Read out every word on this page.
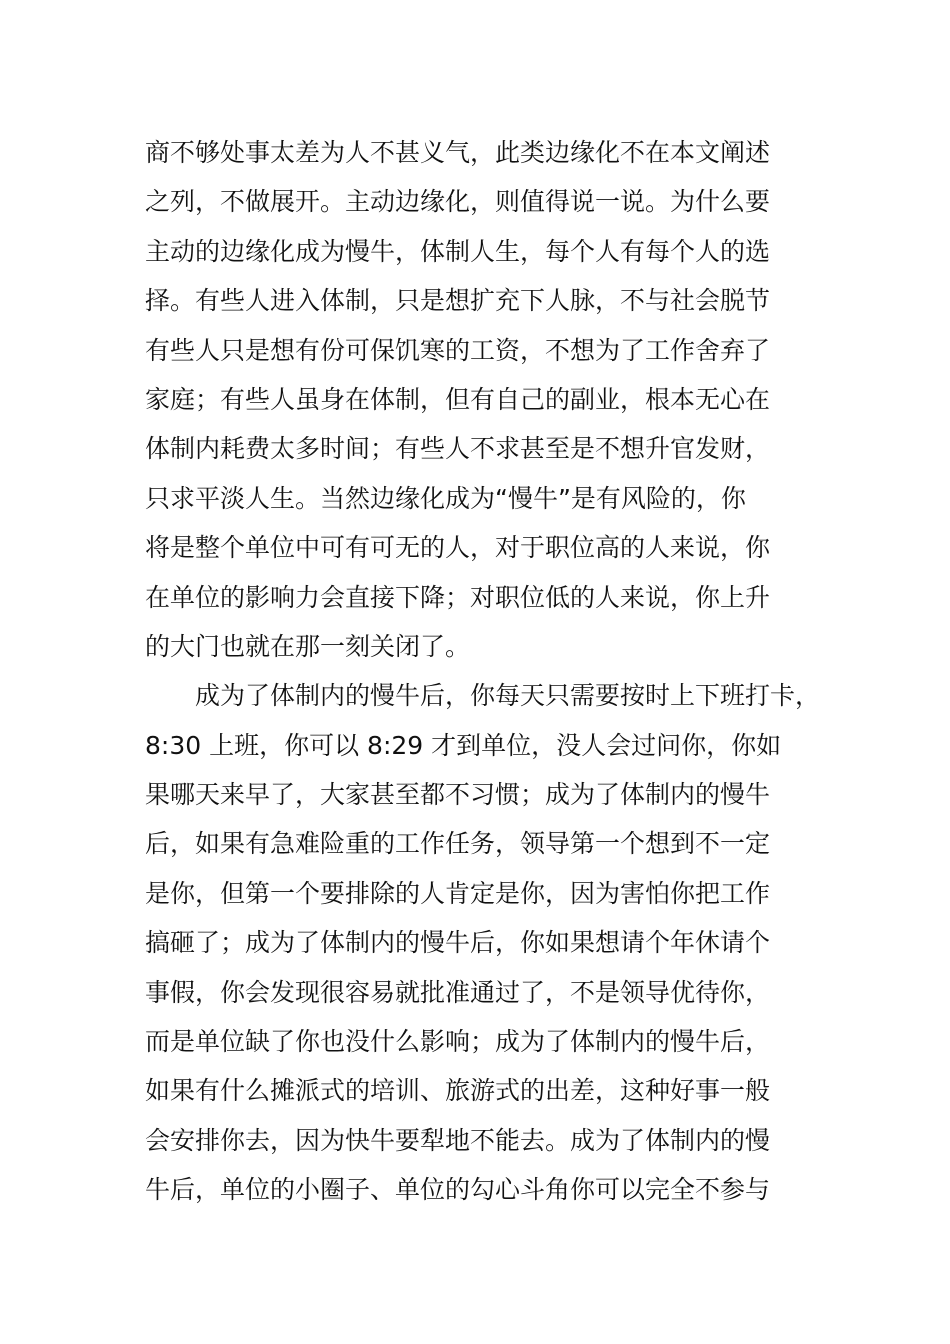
商不够处事太差为人不甚义气，此类边缘化不在本文阐述
之列，不做展开。主动边缘化，则值得说一说。为什么要
主动的边缘化成为慢牛，体制人生，每个人有每个人的选
择。有些人进入体制，只是想扩充下人脉，不与社会脱节
有些人只是想有份可保饥寒的工资，不想为了工作舍弃了
家庭；有些人虽身在体制，但有自己的副业，根本无心在
体制内耗费太多时间；有些人不求甚至是不想升官发财，
只求平淡人生。当然边缘化成为“慢牛”是有风险的，你
将是整个单位中可有可无的人，对于职位高的人来说，你
在单位的影响力会直接下降；对职位低的人来说，你上升
的大门也就在那一刻关闭了。
成为了体制内的慢牛后，你每天只需要按时上下班打卡，
8:30 上班，你可以 8:29 才到单位，没人会过问你，你如
果哪天来早了，大家甚至都不习惯；成为了体制内的慢牛
后，如果有急难险重的工作任务，领导第一个想到不一定
是你，但第一个要排除的人肯定是你，因为害怕你把工作
搞砸了；成为了体制内的慢牛后，你如果想请个年休请个
事假，你会发现很容易就批准通过了，不是领导优待你，
而是单位缺了你也没什么影响；成为了体制内的慢牛后，
如果有什么摊派式的培训、旅游式的出差，这种好事一般
会安排你去，因为快牛要犁地不能去。成为了体制内的慢
牛后，单位的小圈子、单位的勾心斗角你可以完全不参与
